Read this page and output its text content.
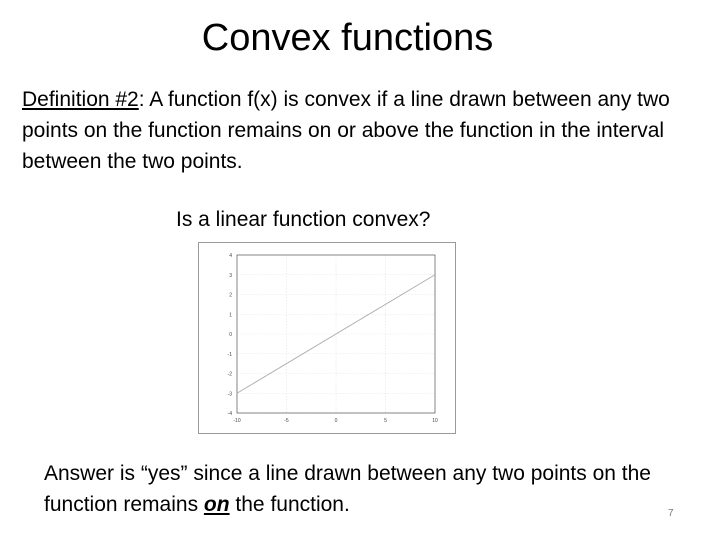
Convex functions
Definition #2: A function f(x) is convex if a line drawn between any two points on the function remains on or above the function in the interval between the two points.
Is a linear function convex?
-10	-5	0	5	10
-4
-3
-2
-1
0
1
2
3
4
Answer is “yes” since a line drawn between any two points on the function remains on the function.	7
